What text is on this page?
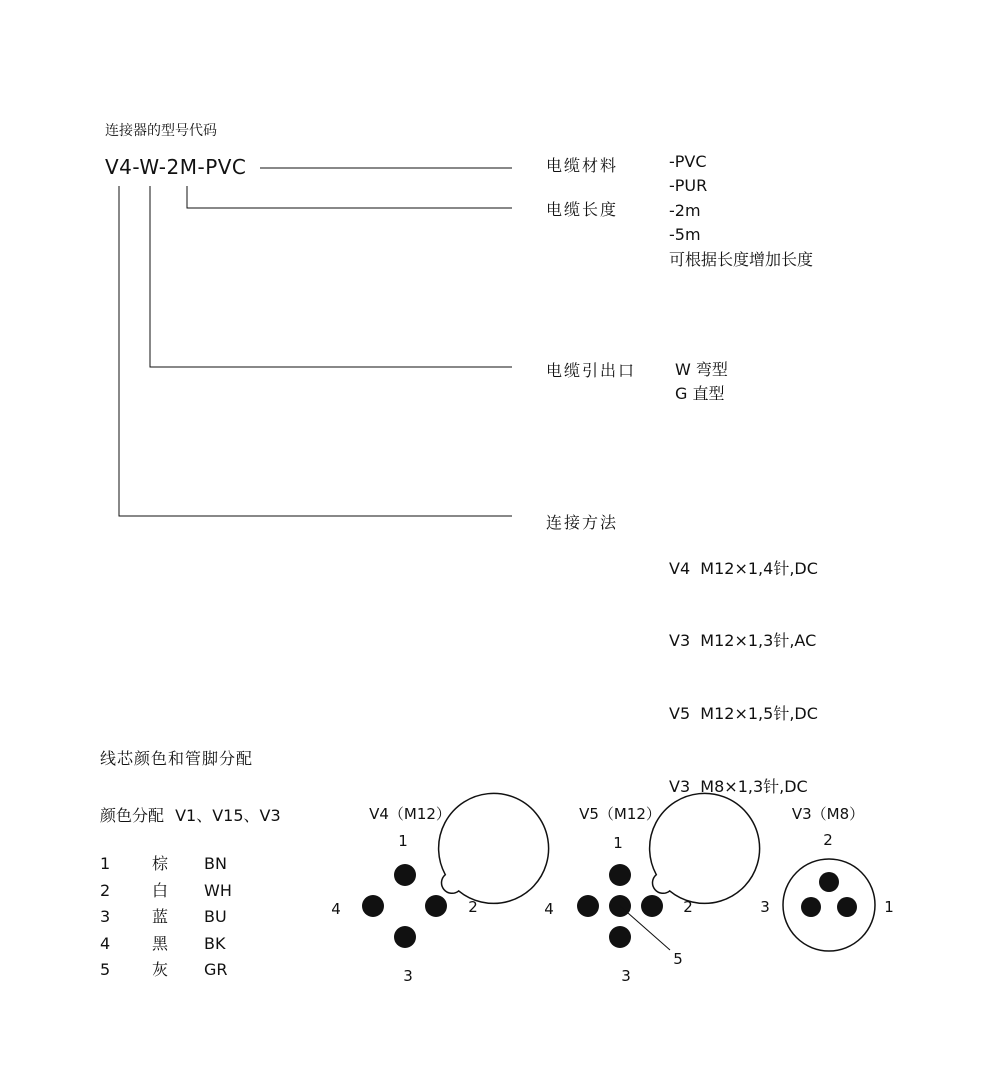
连接器的型号代码
V4-W-2M-PVC	电缆材料	-PVC
-PUR
电缆长度	-2m
-5m
可根据长度增加长度
电缆引出口 W 弯型
G 直型
连接方法

V4  M12×1,4针,DC

V3  M12×1,3针,AC

V5  M12×1,5针,DC

V3  M8×1,3针,DC

线芯颜色和管脚分配
颜色分配 V1、V15、V3
1	棕 BN
2	白 WH
3	蓝 BU
4	黑 BK
5	灰 GR
V4（M12）
1
2
3
4
V5（M12）
1
2
3
4
5
V3（M8）
2
1
3
